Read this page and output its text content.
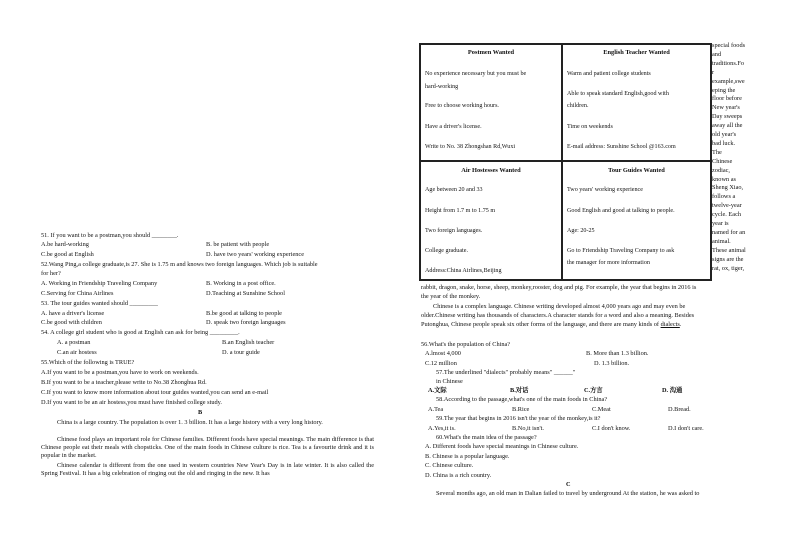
51. If you want to be a postman,you should ________.
A.be hard-working	B. be patient with people
C.be good at English	D. have two years' working experience
52.Wang Ping,a college graduate,is 27. She is 1.75 m and knows two foreign languages. Which job is suitable
for her?
A. Working in Friendship Traveling Company	B. Working in a post office.
C.Serving for China Airlines	D.Teaching at Sunshine School
53. The tour guides wanted should _________
A. have a driver's license	B.be good at talking to people
C.be good with children	D. speak two foreign languages
54. A college girl student who is good at English can ask for being _________.
A. a postman	B.an English teacher
C.an air hostess	D. a tour guide
55.Which of the following is TRUE?
A.If you want to be a postman,you have to work on weekends.
B.If you want to be a teacher,please write to No.38 Zhonghua Rd.
C.If you want to know more information about tour guides wanted,you can send an e-mail
D.If you want to be an air hostess,you must have finished college study.
B
China is a large country. The population is over 1. 3 billion. It has a large history with a very long history.
Chinese food plays an important role for Chinese families. Different foods have special meanings. The main difference is that Chinese people eat their meals with chopsticks. One of the main foods in Chinese culture is rice. Tea is a favourite drink and it is popular in the market.
Chinese calendar is different from the one used in western countries New Year's Day is in late winter. It is also called the Spring Festival. It has a big celebration of ringing out the old and ringing in the new. It has
Postmen Wanted
No experience necessary but you must be
hard-working
Free to choose working hours.
Have a driver's license.
Write to No. 38 Zhongshan Rd,Wuxi
English Teacher Wanted
Warm and patient college students
Able to speak standard English,good with
children.
Time on weekends
E-mail address: Sunshine School @163.com
Air Hostesses Wanted
Age between 20 and 33
Height from 1.7 m to 1.75 m
Two foreign languages.
College graduate.
Address:China Airlines,Beijing
Tour Guides Wanted
Two years' working experience
Good English and good at talking to people.
Age: 20-25
Go to Friendship Traveling Company to ask
the manager for more information
special foods
and
traditions.Fo
r
example,swe
eping the
floor before
New year's
Day sweeps
away all the
old year's
bad luck.
The
Chinese
zodiac,
known as
Sheng Xiao,
follows a
twelve-year
cycle. Each
year is
named for an
animal.
These animal
signs are the
rat, ox, tiger,
rabbit, dragon, snake, horse, sheep, monkey,rooster, dog and pig. For example, the year that begins in 2016 is
the year of the monkey.
Chinese is a complex language. Chinese writing developed almost 4,000 years ago and may even be
older.Chinese writing has thousands of characters.A character stands for a word and also a meaning. Besides
Putonghua, Chinese people speak six other forms of the language, and there are many kinds of dialects.
56.What's the population of China?
A.lmost 4,000	B. More than 1.3 billion.
C.12 million	D. 1.3 billion.
57.The underlined "dialects" probably means" ______"
in Chinese
A.文际	B.对话	C.方言	D. 沟通
58.According to the passage,what's one of the main foods in China?
A.Tea	B.Rice	C.Meat	D.Bread.
59.The year that begins in 2016 isn't the year of the monkey,is it?
A.Yes,it is.	B.No,it isn't.	C.I don't know.	D.I don't care.
60.What's the main idea of the passage?
A. Different foods have special meanings in Chinese culture.
B. Chinese is a popular language.
C. Chinese culture.
D. China is a rich country.
C
Several months ago, an old man in Dalian failed to travel by underground At the station, he was asked to
